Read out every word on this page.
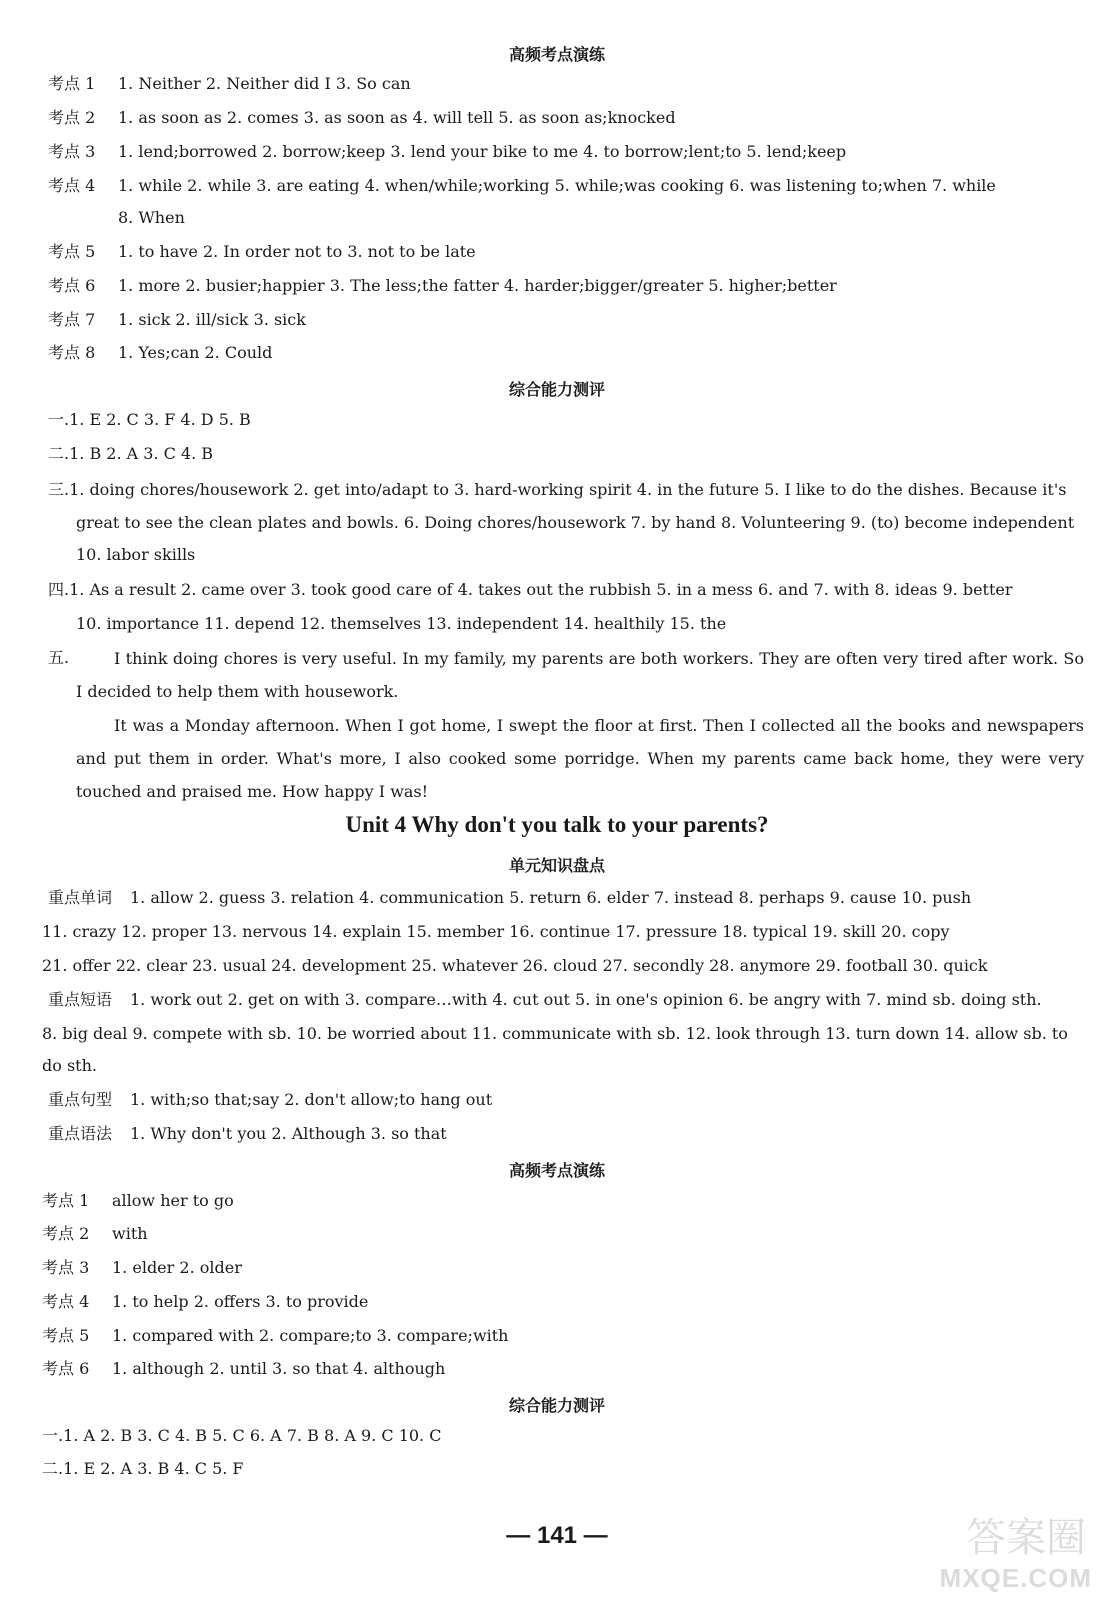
高频考点演练
考点 1 1. Neither 2. Neither did I 3. So can
考点 2 1. as soon as 2. comes 3. as soon as 4. will tell 5. as soon as;knocked
考点 3 1. lend;borrowed 2. borrow;keep 3. lend your bike to me 4. to borrow;lent;to 5. lend;keep
考点 4 1. while 2. while 3. are eating 4. when/while;working 5. while;was cooking 6. was listening to;when 7. while
8. When
考点 5 1. to have 2. In order not to 3. not to be late
考点 6 1. more 2. busier;happier 3. The less;the fatter 4. harder;bigger/greater 5. higher;better
考点 7 1. sick 2. ill/sick 3. sick
考点 8 1. Yes;can 2. Could
综合能力测评
一.1. E 2. C 3. F 4. D 5. B
二.1. B 2. A 3. C 4. B
三.1. doing chores/housework 2. get into/adapt to 3. hard-working spirit 4. in the future 5. I like to do the dishes. Because it's
great to see the clean plates and bowls. 6. Doing chores/housework 7. by hand 8. Volunteering 9. (to) become independent
10. labor skills
四.1. As a result 2. came over 3. took good care of 4. takes out the rubbish 5. in a mess 6. and 7. with 8. ideas 9. better
10. importance 11. depend 12. themselves 13. independent 14. healthily 15. the
五.	I think doing chores is very useful. In my family, my parents are both workers. They are often very tired after work. So I decided to help them with housework.
It was a Monday afternoon. When I got home, I swept the floor at first. Then I collected all the books and newspapers and put them in order. What's more, I also cooked some porridge. When my parents came back home, they were very touched and praised me. How happy I was!
Unit 4 Why don't you talk to your parents?
单元知识盘点
重点单词 1. allow 2. guess 3. relation 4. communication 5. return 6. elder 7. instead 8. perhaps 9. cause 10. push
11. crazy 12. proper 13. nervous 14. explain 15. member 16. continue 17. pressure 18. typical 19. skill 20. copy
21. offer 22. clear 23. usual 24. development 25. whatever 26. cloud 27. secondly 28. anymore 29. football 30. quick
重点短语 1. work out 2. get on with 3. compare…with 4. cut out 5. in one's opinion 6. be angry with 7. mind sb. doing sth.
8. big deal 9. compete with sb. 10. be worried about 11. communicate with sb. 12. look through 13. turn down 14. allow sb. to
do sth.
重点句型 1. with;so that;say 2. don't allow;to hang out
重点语法 1. Why don't you 2. Although 3. so that
高频考点演练
考点 1 allow her to go
考点 2 with
考点 3 1. elder 2. older
考点 4 1. to help 2. offers 3. to provide
考点 5 1. compared with 2. compare;to 3. compare;with
考点 6 1. although 2. until 3. so that 4. although
综合能力测评
一.1. A 2. B 3. C 4. B 5. C 6. A 7. B 8. A 9. C 10. C
二.1. E 2. A 3. B 4. C 5. F
— 141 —	答案圈
MXQE.COM
